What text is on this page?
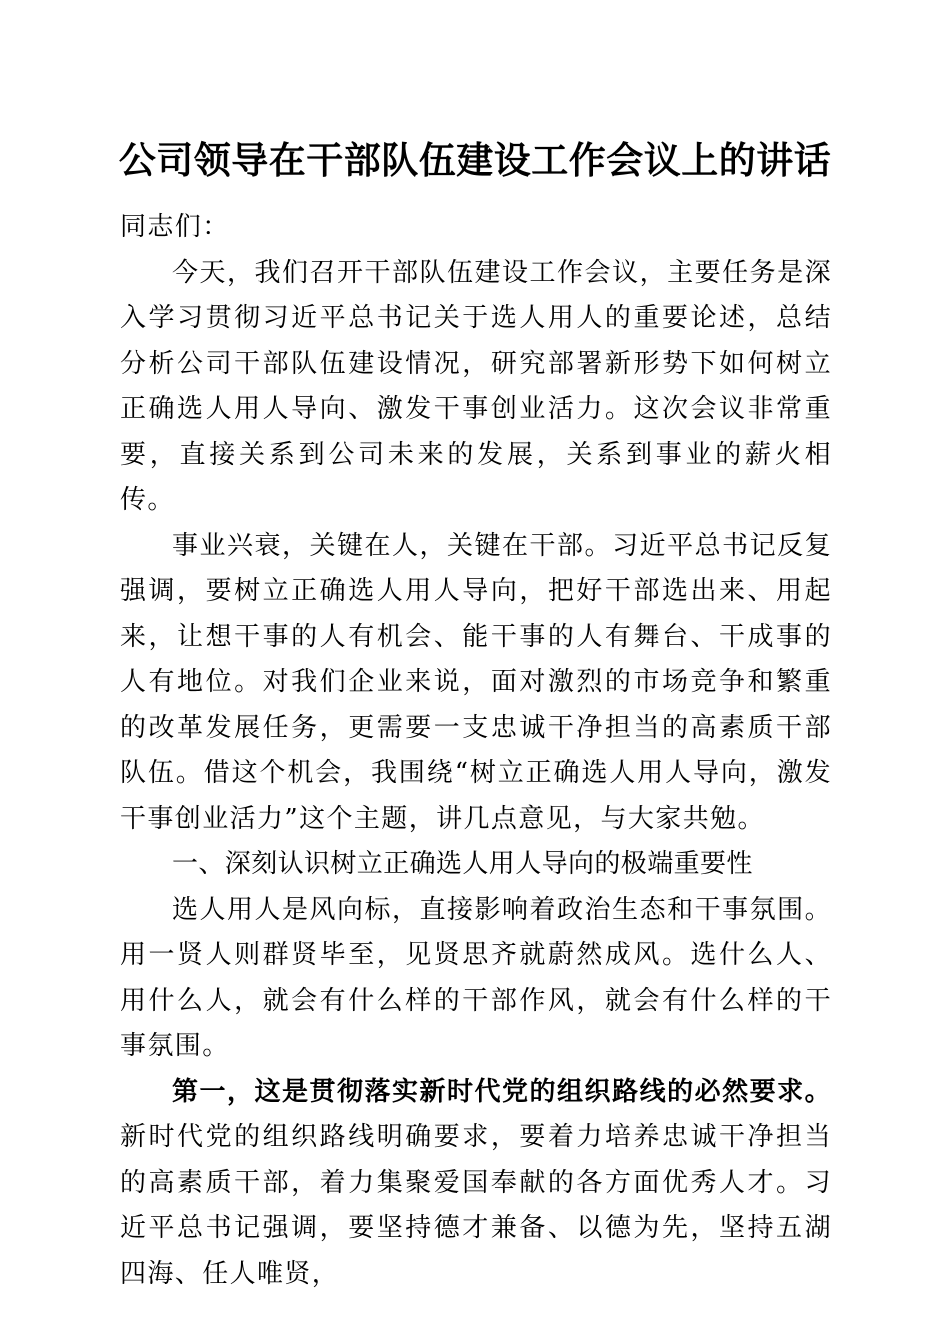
公司领导在干部队伍建设工作会议上的讲话

同志们：

今天，我们召开干部队伍建设工作会议，主要任务是深入学习贯彻习近平总书记关于选人用人的重要论述，总结分析公司干部队伍建设情况，研究部署新形势下如何树立正确选人用人导向、激发干事创业活力。这次会议非常重要，直接关系到公司未来的发展，关系到事业的薪火相传。

事业兴衰，关键在人，关键在干部。习近平总书记反复强调，要树立正确选人用人导向，把好干部选出来、用起来，让想干事的人有机会、能干事的人有舞台、干成事的人有地位。对我们企业来说，面对激烈的市场竞争和繁重的改革发展任务，更需要一支忠诚干净担当的高素质干部队伍。借这个机会，我围绕“树立正确选人用人导向，激发干事创业活力”这个主题，讲几点意见，与大家共勉。

一、深刻认识树立正确选人用人导向的极端重要性

选人用人是风向标，直接影响着政治生态和干事氛围。用一贤人则群贤毕至，见贤思齐就蔚然成风。选什么人、用什么人，就会有什么样的干部作风，就会有什么样的干事氛围。

第一，这是贯彻落实新时代党的组织路线的必然要求。新时代党的组织路线明确要求，要着力培养忠诚干净担当的高素质干部，着力集聚爱国奉献的各方面优秀人才。习近平总书记强调，要坚持德才兼备、以德为先，坚持五湖四海、任人唯贤，
